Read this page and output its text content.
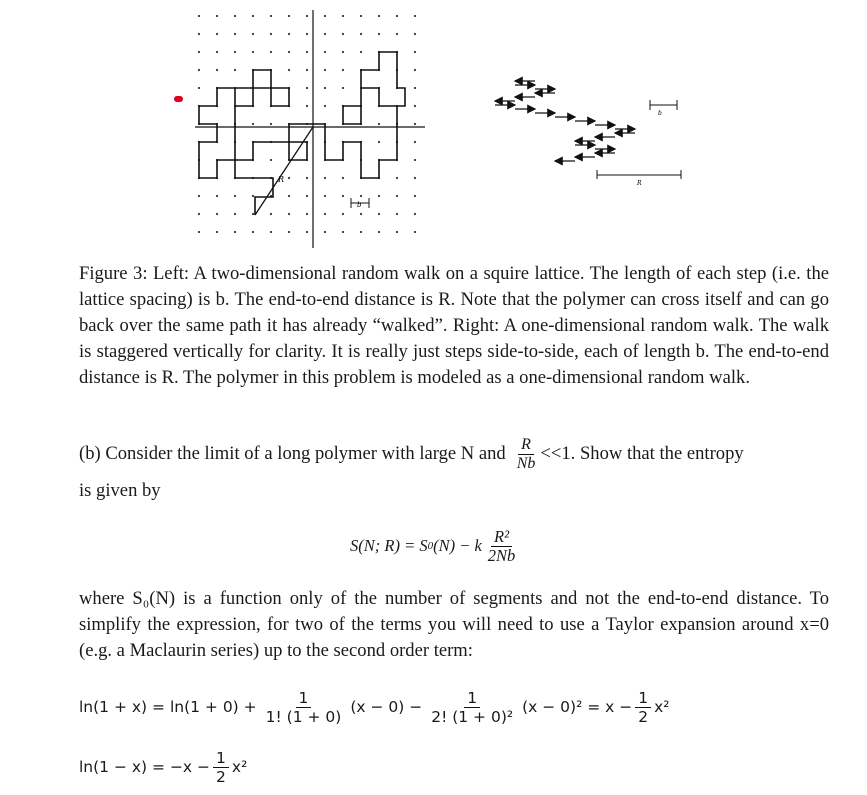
R
b
b
R
Figure 3: Left: A two-dimensional random walk on a squire lattice. The length of each step (i.e. the lattice spacing) is b. The end-to-end distance is R. Note that the polymer can cross itself and can go back over the same path it has already “walked”. Right: A one-dimensional random walk. The walk is staggered vertically for clarity. It is really just steps side-to-side, each of length b. The end-to-end distance is R. The polymer in this problem is modeled as a one-dimensional random walk.
(b) Consider the limit of a long polymer with large N and $\frac{R}{Nb} <<1$. Show that the entropy
is given by
S(N; R) = S 0 (N) − k $\frac{\text{R²}}{2Nb}$
where S₀(N) is a function only of the number of segments and not the end-to-end distance. To simplify the expression, for two of the terms you will need to use a Taylor expansion around x=0 (e.g. a Maclaurin series) up to the second order term:
$\ln(1 + x) = \ln(1 + 0) + \frac{1}{1! (1 + 0)} (x - 0) - \frac{1}{\text{2! (1 + 0)²}} (x - 0)^2 = x - \frac{1}{2} x^2$
$\ln(1 - x) = -x - \frac{1}{2} x^2$
